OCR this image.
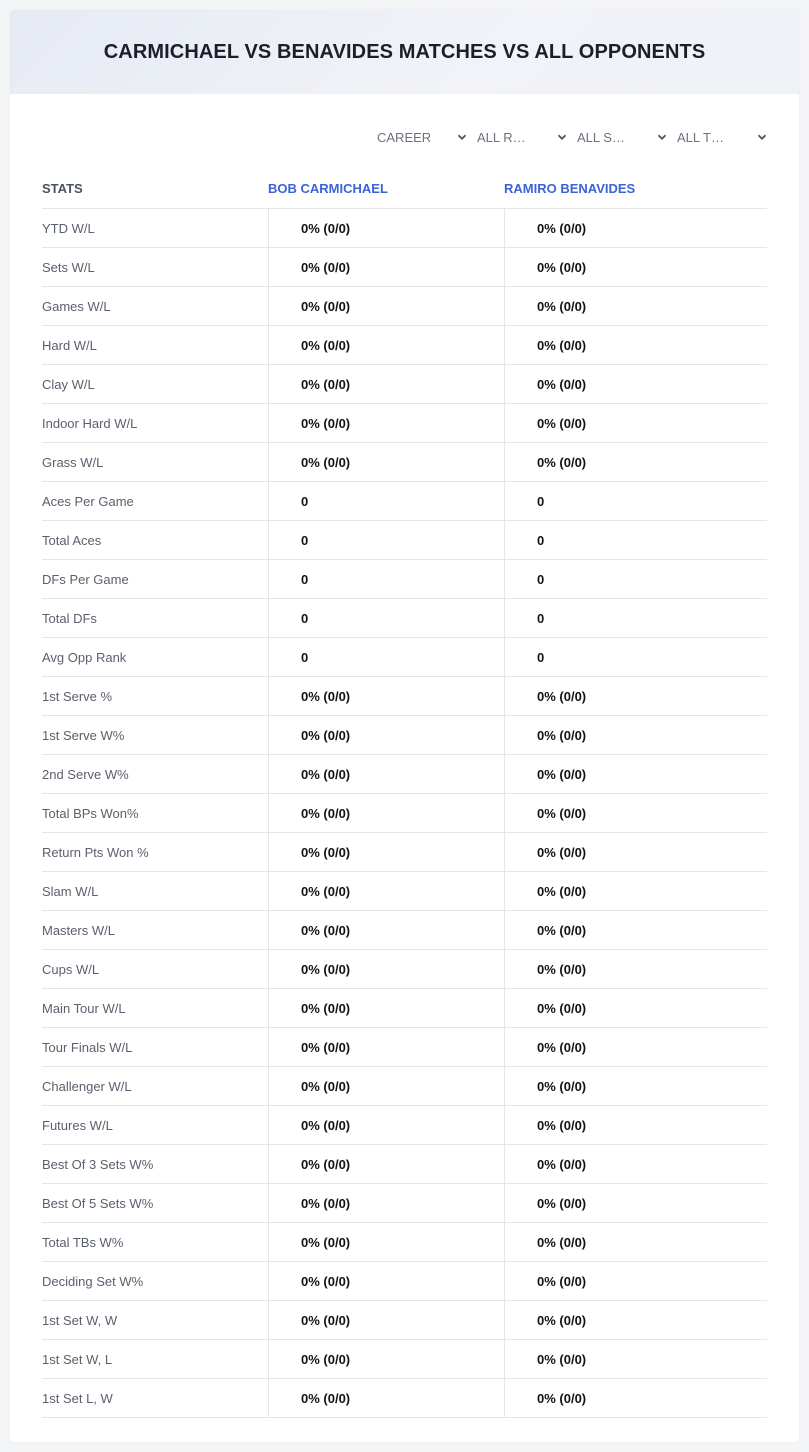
CARMICHAEL VS BENAVIDES MATCHES VS ALL OPPONENTS
CAREER	ALL R…	ALL S…	ALL T…
STATS	BOB CARMICHAEL	RAMIRO BENAVIDES
YTD W/L	0% (0/0)	0% (0/0)
Sets W/L	0% (0/0)	0% (0/0)
Games W/L	0% (0/0)	0% (0/0)
Hard W/L	0% (0/0)	0% (0/0)
Clay W/L	0% (0/0)	0% (0/0)
Indoor Hard W/L	0% (0/0)	0% (0/0)
Grass W/L	0% (0/0)	0% (0/0)
Aces Per Game	0	0
Total Aces	0	0
DFs Per Game	0	0
Total DFs	0	0
Avg Opp Rank	0	0
1st Serve %	0% (0/0)	0% (0/0)
1st Serve W%	0% (0/0)	0% (0/0)
2nd Serve W%	0% (0/0)	0% (0/0)
Total BPs Won%	0% (0/0)	0% (0/0)
Return Pts Won %	0% (0/0)	0% (0/0)
Slam W/L	0% (0/0)	0% (0/0)
Masters W/L	0% (0/0)	0% (0/0)
Cups W/L	0% (0/0)	0% (0/0)
Main Tour W/L	0% (0/0)	0% (0/0)
Tour Finals W/L	0% (0/0)	0% (0/0)
Challenger W/L	0% (0/0)	0% (0/0)
Futures W/L	0% (0/0)	0% (0/0)
Best Of 3 Sets W%	0% (0/0)	0% (0/0)
Best Of 5 Sets W%	0% (0/0)	0% (0/0)
Total TBs W%	0% (0/0)	0% (0/0)
Deciding Set W%	0% (0/0)	0% (0/0)
1st Set W, W	0% (0/0)	0% (0/0)
1st Set W, L	0% (0/0)	0% (0/0)
1st Set L, W	0% (0/0)	0% (0/0)
